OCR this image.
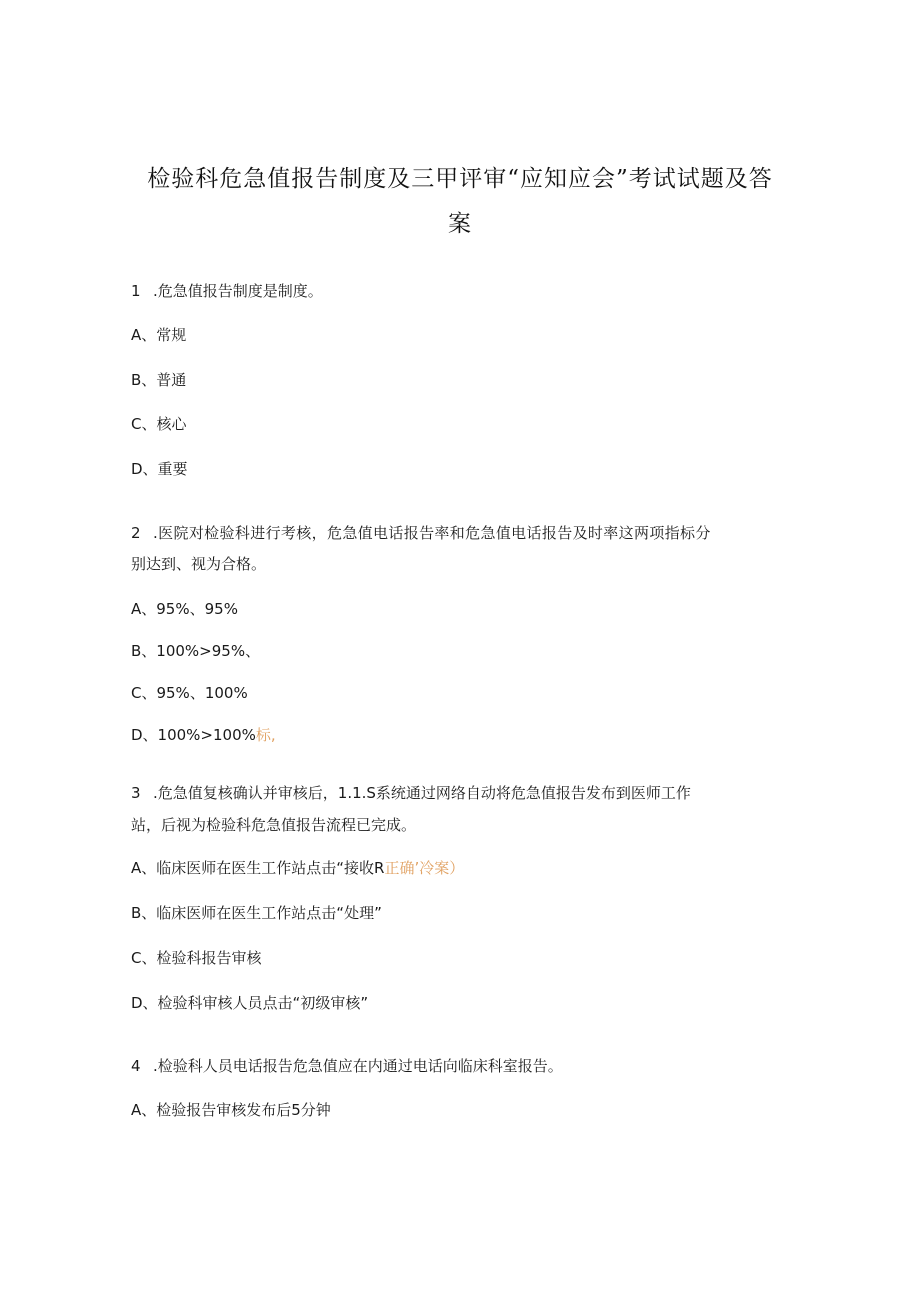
检验科危急值报告制度及三甲评审“应知应会”考试试题及答
案

1 .危急值报告制度是制度。

A、常规

B、普通

C、核心

D、重要

2 .医院对检验科进行考核，危急值电话报告率和危急值电话报告及时率这两项指标分

别达到、视为合格。

A、95%、95%

B、100%>95%、

C、95%、100%

D、100%>100%标,

3 .危急值复核确认并审核后，1.1.S系统通过网络自动将危急值报告发布到医师工作

站，后视为检验科危急值报告流程已完成。

A、临床医师在医生工作站点击“接收R正确’冷案）

B、临床医师在医生工作站点击“处理”

C、检验科报告审核

D、检验科审核人员点击“初级审核”

4 .检验科人员电话报告危急值应在内通过电话向临床科室报告。

A、检验报告审核发布后5分钟
